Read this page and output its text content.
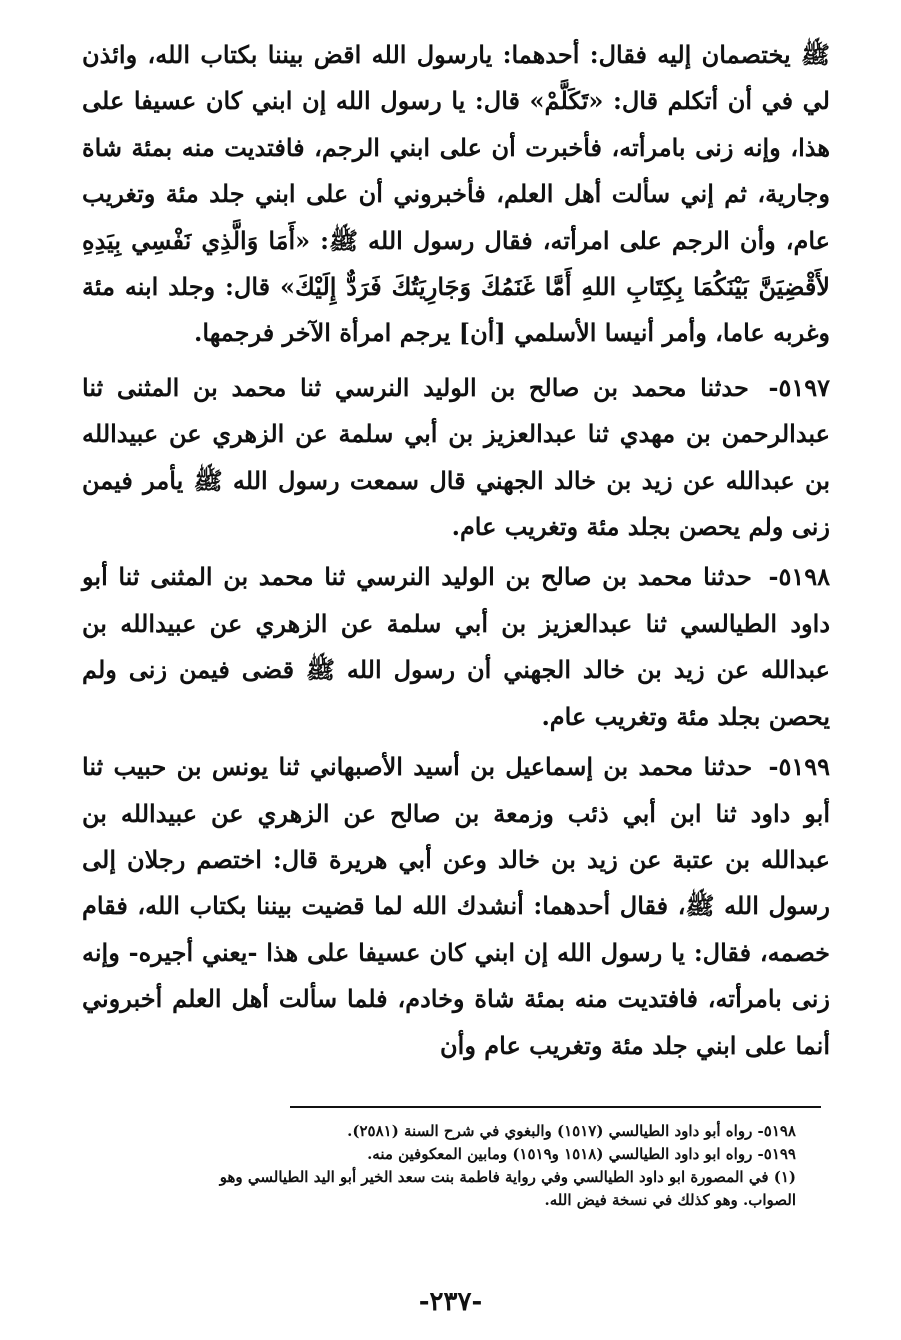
ﷺ يختصمان إليه فقال: أحدهما: يارسول الله اقض بيننا بكتاب الله، وائذن لي في أن أتكلم قال: «تَكَلَّمْ» قال: يا رسول الله إن ابني كان عسيفا على هذا، وإنه زنى بامرأته، فأخبرت أن على ابني الرجم، فافتديت منه بمئة شاة وجارية، ثم إني سألت أهل العلم، فأخبروني أن على ابني جلد مئة وتغريب عام، وأن الرجم على امرأته، فقال رسول الله ﷺ: «أَمَا وَالَّذِي نَفْسِي بِيَدِهِ لأَقْضِيَنَّ بَيْنَكُمَا بِكِتَابِ اللهِ أَمَّا غَنَمُكَ وَجَارِيَتُكَ فَرَدٌّ إِلَيْكَ» قال: وجلد ابنه مئة وغربه عاما، وأمر أنيسا الأسلمي [أن] يرجم امرأة الآخر فرجمها.

٥١٩٧- حدثنا محمد بن صالح بن الوليد النرسي ثنا محمد بن المثنى ثنا عبدالرحمن بن مهدي ثنا عبدالعزيز بن أبي سلمة عن الزهري عن عبيدالله بن عبدالله عن زيد بن خالد الجهني قال سمعت رسول الله ﷺ يأمر فيمن زنى ولم يحصن بجلد مئة وتغريب عام.

٥١٩٨- حدثنا محمد بن صالح بن الوليد النرسي ثنا محمد بن المثنى ثنا أبو داود الطيالسي ثنا عبدالعزيز بن أبي سلمة عن الزهري عن عبيدالله بن عبدالله عن زيد بن خالد الجهني أن رسول الله ﷺ قضى فيمن زنى ولم يحصن بجلد مئة وتغريب عام.

٥١٩٩- حدثنا محمد بن إسماعيل بن أسيد الأصبهاني ثنا يونس بن حبيب ثنا أبو داود ثنا ابن أبي ذئب وزمعة بن صالح عن الزهري عن عبيدالله بن عبدالله بن عتبة عن زيد بن خالد وعن أبي هريرة قال: اختصم رجلان إلى رسول الله ﷺ، فقال أحدهما: أنشدك الله لما قضيت بيننا بكتاب الله، فقام خصمه، فقال: يا رسول الله إن ابني كان عسيفا على هذا -يعني أجيره- وإنه زنى بامرأته، فافتديت منه بمئة شاة وخادم، فلما سألت أهل العلم أخبروني أنما على ابني جلد مئة وتغريب عام وأن

٥١٩٨- رواه أبو داود الطيالسي (١٥١٧) والبغوي في شرح السنة (٢٥٨١).

٥١٩٩- رواه ابو داود الطيالسي (١٥١٨ و١٥١٩) ومابين المعكوفين منه.

(١) في المصورة ابو داود الطيالسي وفي رواية فاطمة بنت سعد الخير أبو اليد الطيالسي وهو الصواب. وهو كذلك في نسخة فيض الله.

-٢٣٧-
